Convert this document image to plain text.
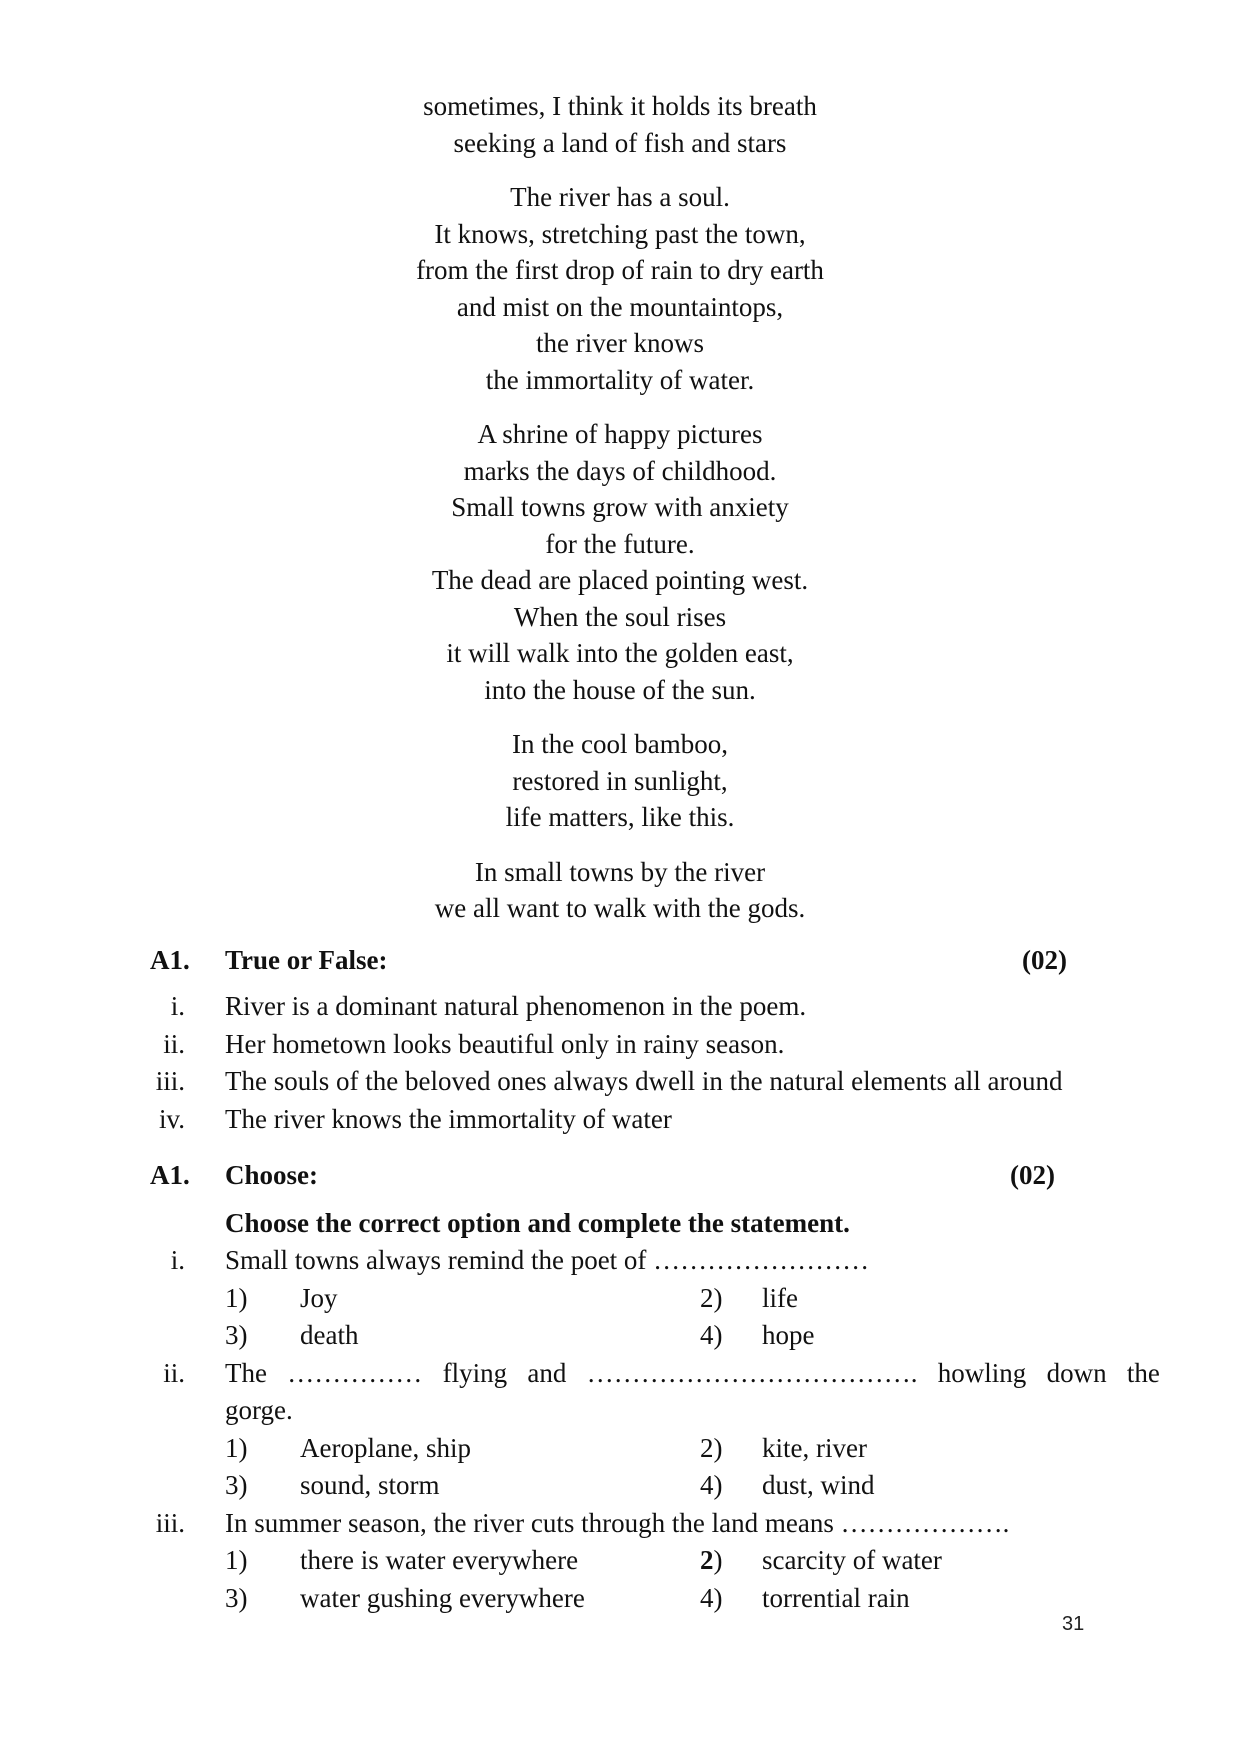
sometimes, I think it holds its breath
seeking a land of fish and stars
The river has a soul.
It knows, stretching past the town,
from the first drop of rain to dry earth
and mist on the mountaintops,
the river knows
the immortality of water.
A shrine of happy pictures
marks the days of childhood.
Small towns grow with anxiety
for the future.
The dead are placed pointing west.
When the soul rises
it will walk into the golden east,
into the house of the sun.
In the cool bamboo,
restored in sunlight,
life matters, like this.
In small towns by the river
we all want to walk with the gods.
A1. True or False:	(02)
i. River is a dominant natural phenomenon in the poem.
ii. Her hometown looks beautiful only in rainy season.
iii. The souls of the beloved ones always dwell in the natural elements all around
iv. The river knows the immortality of water
A1. Choose:	(02)
Choose the correct option and complete the statement.
i. Small towns always remind the poet of ……………………
1) Joy	2) life
3) death	4) hope
ii. The …………… flying and ………………………………. howling down the
gorge.
1) Aeroplane, ship	2) kite, river
3) sound, storm	4) dust, wind
iii. In summer season, the river cuts through the land means ……………….
1) there is water everywhere	2) scarcity of water
3) water gushing everywhere	4) torrential rain
31
